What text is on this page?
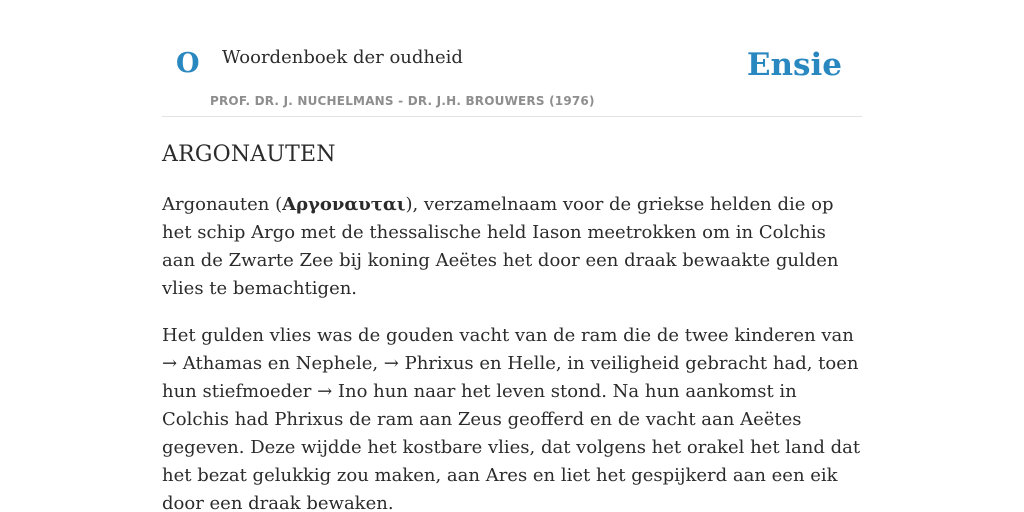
O Woordenboek der oudheid
PROF. DR. J. NUCHELMANS - DR. J.H. BROUWERS (1976)
Ensie
ARGONAUTEN

Argonauten (Αργοναυται), verzamelnaam voor de griekse helden die op het schip Argo met de thessalische held Iason meetrokken om in Colchis aan de Zwarte Zee bij koning Aeëtes het door een draak bewaakte gulden vlies te bemachtigen.

Het gulden vlies was de gouden vacht van de ram die de twee kinderen van → Athamas en Nephele, → Phrixus en Helle, in veiligheid gebracht had, toen hun stiefmoeder → Ino hun naar het leven stond. Na hun aankomst in Colchis had Phrixus de ram aan Zeus geofferd en de vacht aan Aeëtes gegeven. Deze wijdde het kostbare vlies, dat volgens het orakel het land dat het bezat gelukkig zou maken, aan Ares en liet het gespijkerd aan een eik door een draak bewaken.
